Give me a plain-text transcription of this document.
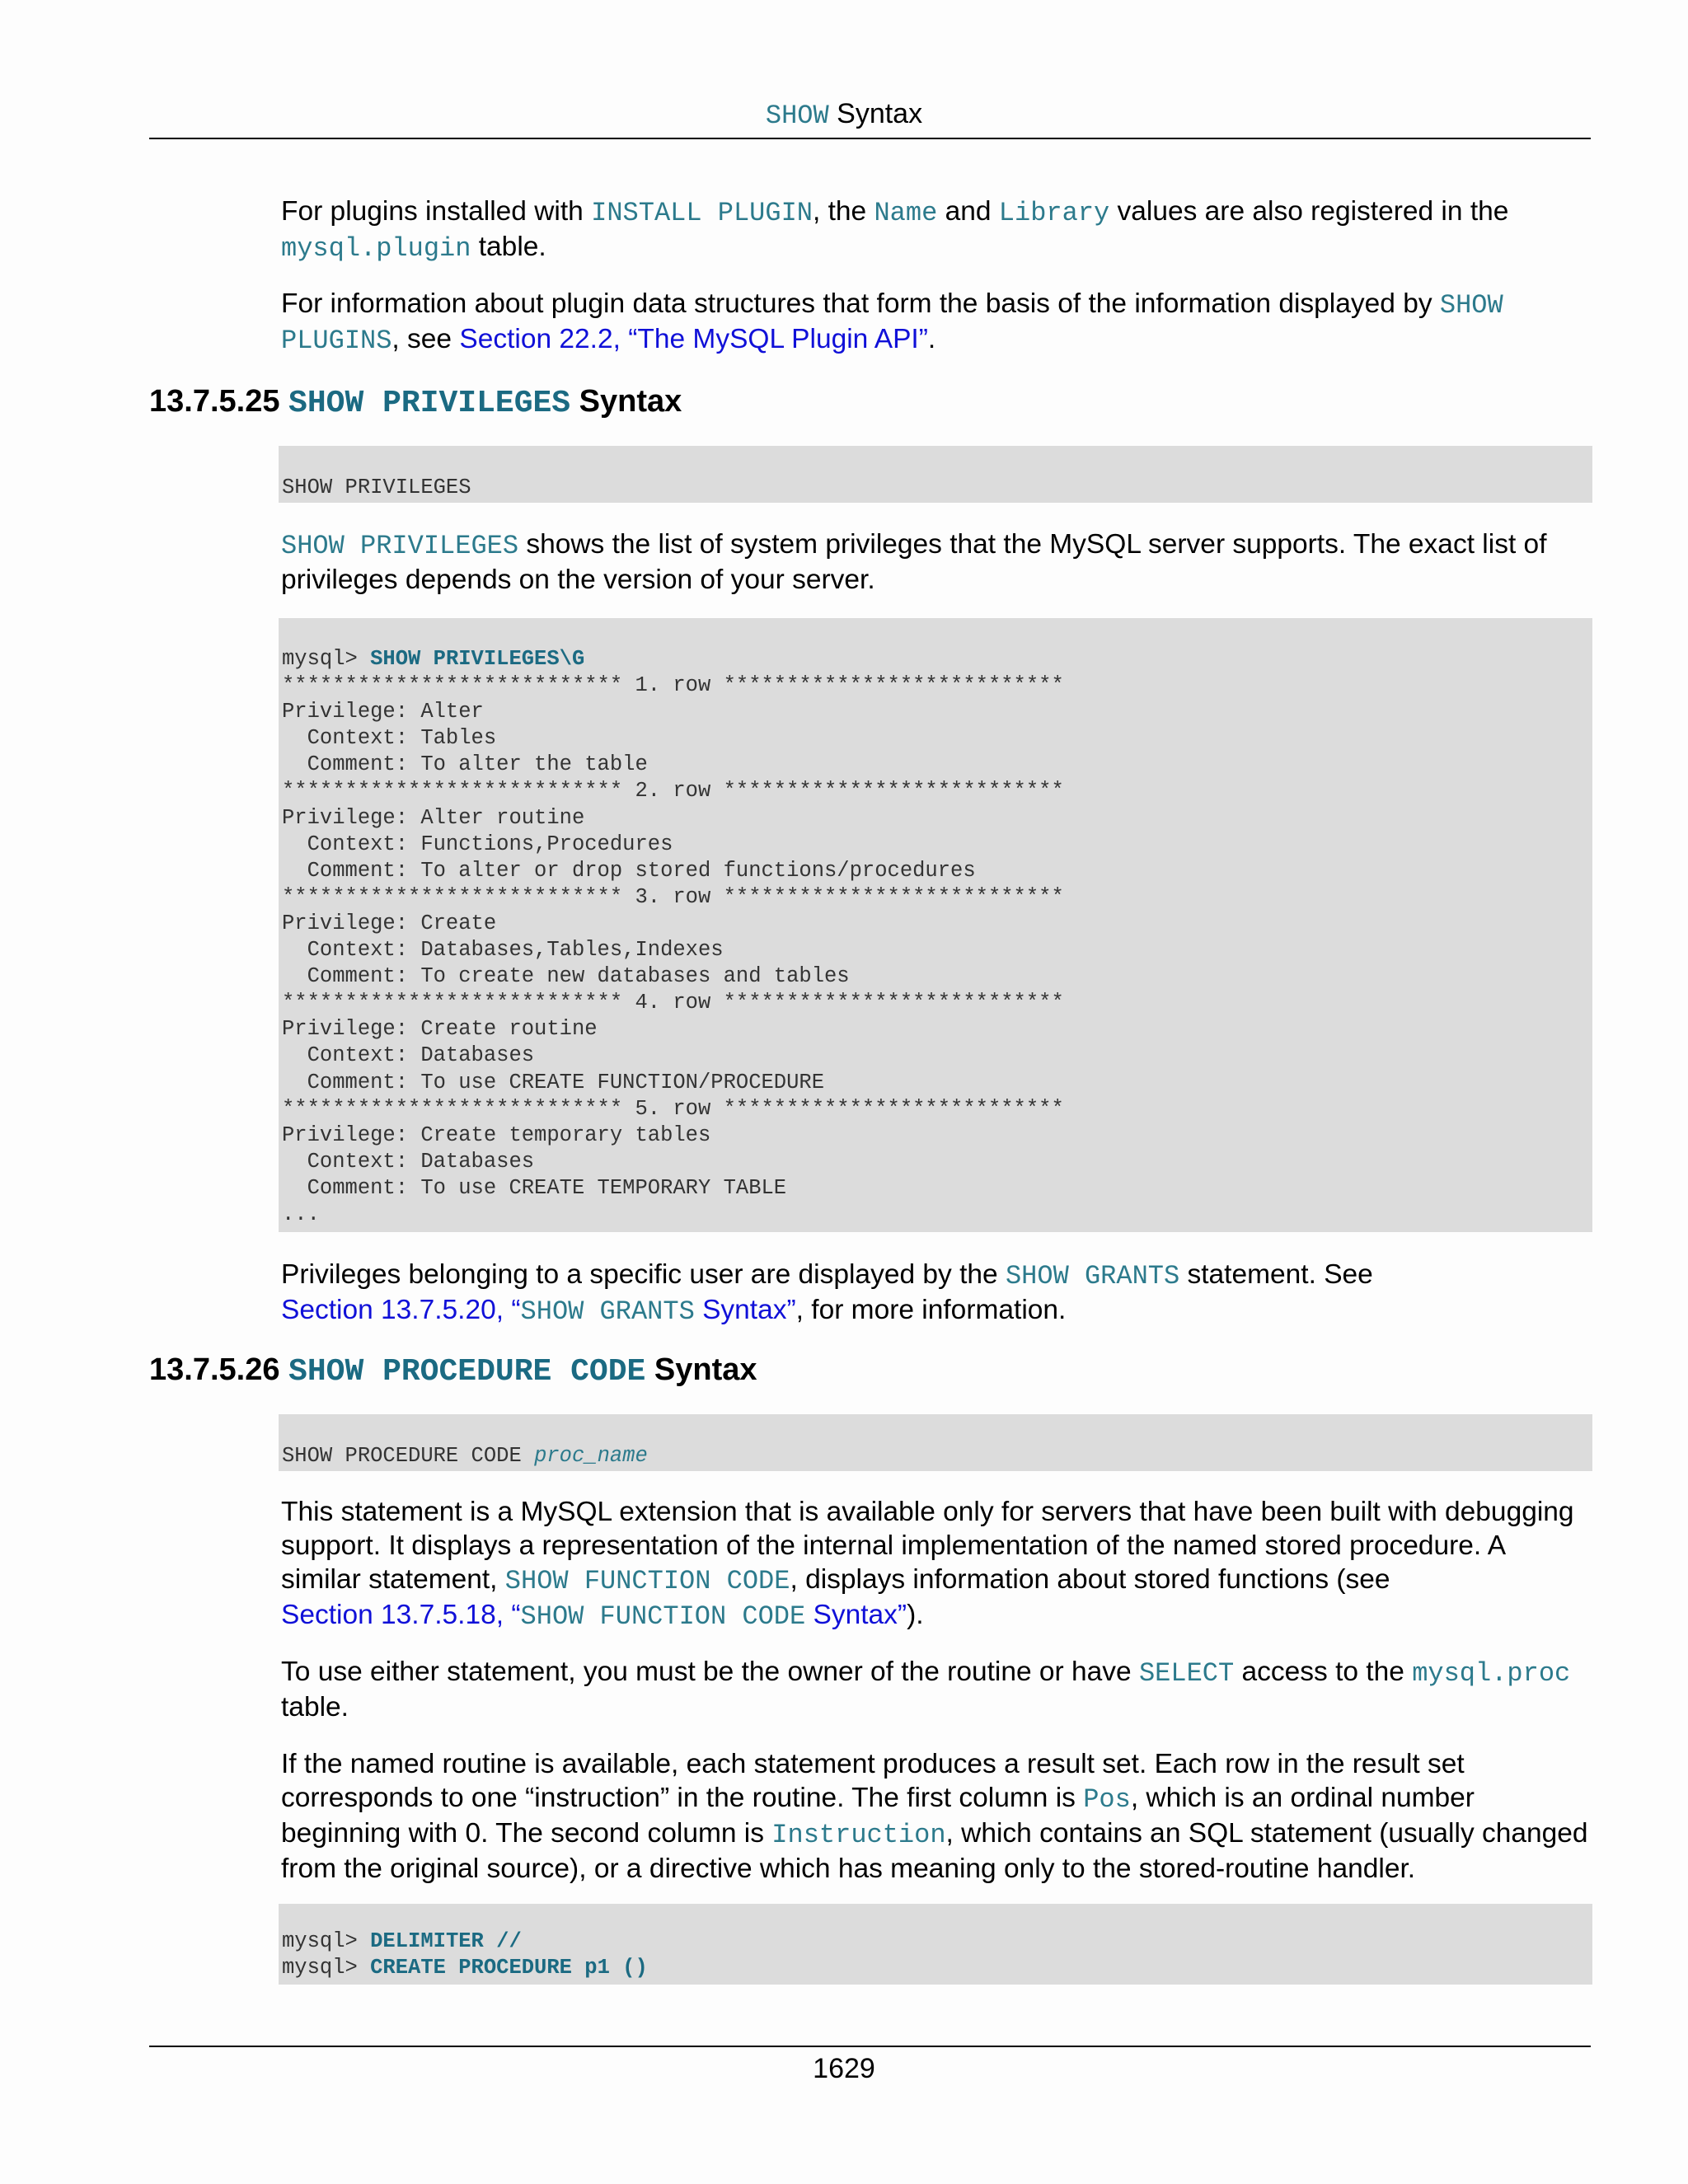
SHOW Syntax

For plugins installed with INSTALL PLUGIN, the Name and Library values are also registered in the mysql.plugin table.

For information about plugin data structures that form the basis of the information displayed by SHOW PLUGINS, see Section 22.2, “The MySQL Plugin API”.

13.7.5.25 SHOW PRIVILEGES Syntax
SHOW PRIVILEGES

SHOW PRIVILEGES shows the list of system privileges that the MySQL server supports. The exact list of privileges depends on the version of your server.

mysql> SHOW PRIVILEGES\G
*************************** 1. row ***************************
Privilege: Alter
Context: Tables
Comment: To alter the table
*************************** 2. row ***************************
Privilege: Alter routine
Context: Functions,Procedures
Comment: To alter or drop stored functions/procedures
*************************** 3. row ***************************
Privilege: Create
Context: Databases,Tables,Indexes
Comment: To create new databases and tables
*************************** 4. row ***************************
Privilege: Create routine
Context: Databases
Comment: To use CREATE FUNCTION/PROCEDURE
*************************** 5. row ***************************
Privilege: Create temporary tables
Context: Databases
Comment: To use CREATE TEMPORARY TABLE
...

Privileges belonging to a specific user are displayed by the SHOW GRANTS statement. See
Section 13.7.5.20, “SHOW GRANTS Syntax”, for more information.

13.7.5.26 SHOW PROCEDURE CODE Syntax
SHOW PROCEDURE CODE proc_name

This statement is a MySQL extension that is available only for servers that have been built with debugging support. It displays a representation of the internal implementation of the named stored procedure. A similar statement, SHOW FUNCTION CODE, displays information about stored functions (see
Section 13.7.5.18, “SHOW FUNCTION CODE Syntax”).

To use either statement, you must be the owner of the routine or have SELECT access to the mysql.proc table.

If the named routine is available, each statement produces a result set. Each row in the result set corresponds to one “instruction” in the routine. The first column is Pos, which is an ordinal number beginning with 0. The second column is Instruction, which contains an SQL statement (usually changed from the original source), or a directive which has meaning only to the stored-routine handler.

mysql> DELIMITER //
mysql> CREATE PROCEDURE p1 ()
1629
